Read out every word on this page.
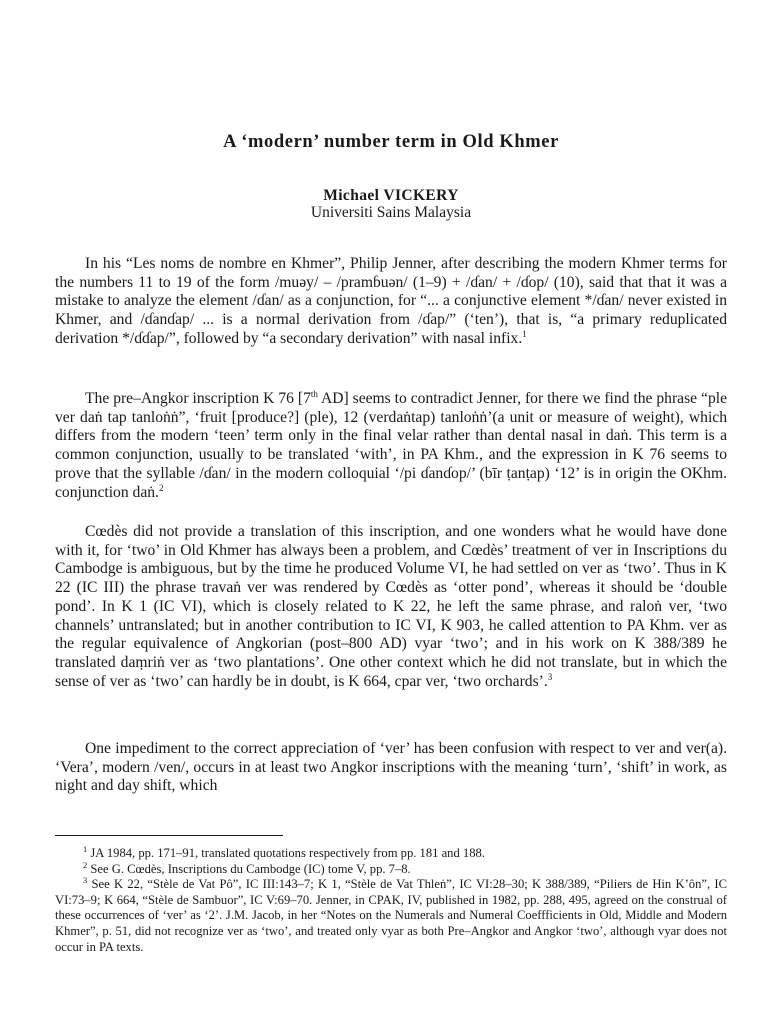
A ‘modern’ number term in Old Khmer
Michael VICKERY
Universiti Sains Malaysia

In his “Les noms de nombre en Khmer”, Philip Jenner, after describing the modern Khmer terms for the numbers 11 to 19 of the form /muəy/ – /pramɓuən/ (1–9) + /ɗan/ + /ɗop/ (10), said that that it was a mistake to analyze the element /ɗan/ as a conjunction, for “... a conjunctive element */ɗan/ never existed in Khmer, and /ɗanɗap/ ... is a normal derivation from /ɗap/” (‘ten’), that is, “a primary reduplicated derivation */ɗɗap/”, followed by “a secondary derivation” with nasal infix.$^1$

The pre–Angkor inscription K 76 [7th AD] seems to contradict Jenner, for there we find the phrase “ple ver daṅ tap tanloṅṅ”, ‘fruit [produce?] (ple), 12 (verdaṅtap) tanloṅṅ’(a unit or measure of weight), which differs from the modern ‘teen’ term only in the final velar rather than dental nasal in daṅ. This term is a common conjunction, usually to be translated ‘with’, in PA Khm., and the expression in K 76 seems to prove that the syllable /ɗan/ in the modern colloquial ‘/pi ɗanɗop/’ (bīr ṭanṭap) ‘12’ is in origin the OKhm. conjunction daṅ.$^2$

Cœdès did not provide a translation of this inscription, and one wonders what he would have done with it, for ‘two’ in Old Khmer has always been a problem, and Cœdès’ treatment of ver in Inscriptions du Cambodge is ambiguous, but by the time he produced Volume VI, he had settled on ver as ‘two’. Thus in K 22 (IC III) the phrase travaṅ ver was rendered by Cœdès as ‘otter pond’, whereas it should be ‘double pond’. In K 1 (IC VI), which is closely related to K 22, he left the same phrase, and raloṅ ver, ‘two channels’ untranslated; but in another contribution to IC VI, K 903, he called attention to PA Khm. ver as the regular equivalence of Angkorian (post–800 AD) vyar ‘two’; and in his work on K 388/389 he translated daṃriṅ ver as ‘two plantations’. One other context which he did not translate, but in which the sense of ver as ‘two’ can hardly be in doubt, is K 664, cpar ver, ‘two orchards’.$^3$

One impediment to the correct appreciation of ‘ver’ has been confusion with respect to ver and ver(a). ‘Vera’, modern /ven/, occurs in at least two Angkor inscriptions with the meaning ‘turn’, ‘shift’ in work, as night and day shift, which

$^1$ JA 1984, pp. 171–91, translated quotations respectively from pp. 181 and 188.

$^2$ See G. Cœdès, Inscriptions du Cambodge (IC) tome V, pp. 7–8.

$^3$ See K 22, “Stèle de Vat Pô”, IC III:143–7; K 1, “Stèle de Vat Thleṅ”, IC VI:28–30; K 388/389, “Piliers de Hin K’ôn”, IC VI:73–9; K 664, “Stèle de Sambuor”, IC V:69–70. Jenner, in CPAK, IV, published in 1982, pp. 288, 495, agreed on the construal of these occurrences of ‘ver’ as ‘2’. J.M. Jacob, in her “Notes on the Numerals and Numeral Coeffficients in Old, Middle and Modern Khmer”, p. 51, did not recognize ver as ‘two’, and treated only vyar as both Pre–Angkor and Angkor ‘two’, although vyar does not occur in PA texts.
